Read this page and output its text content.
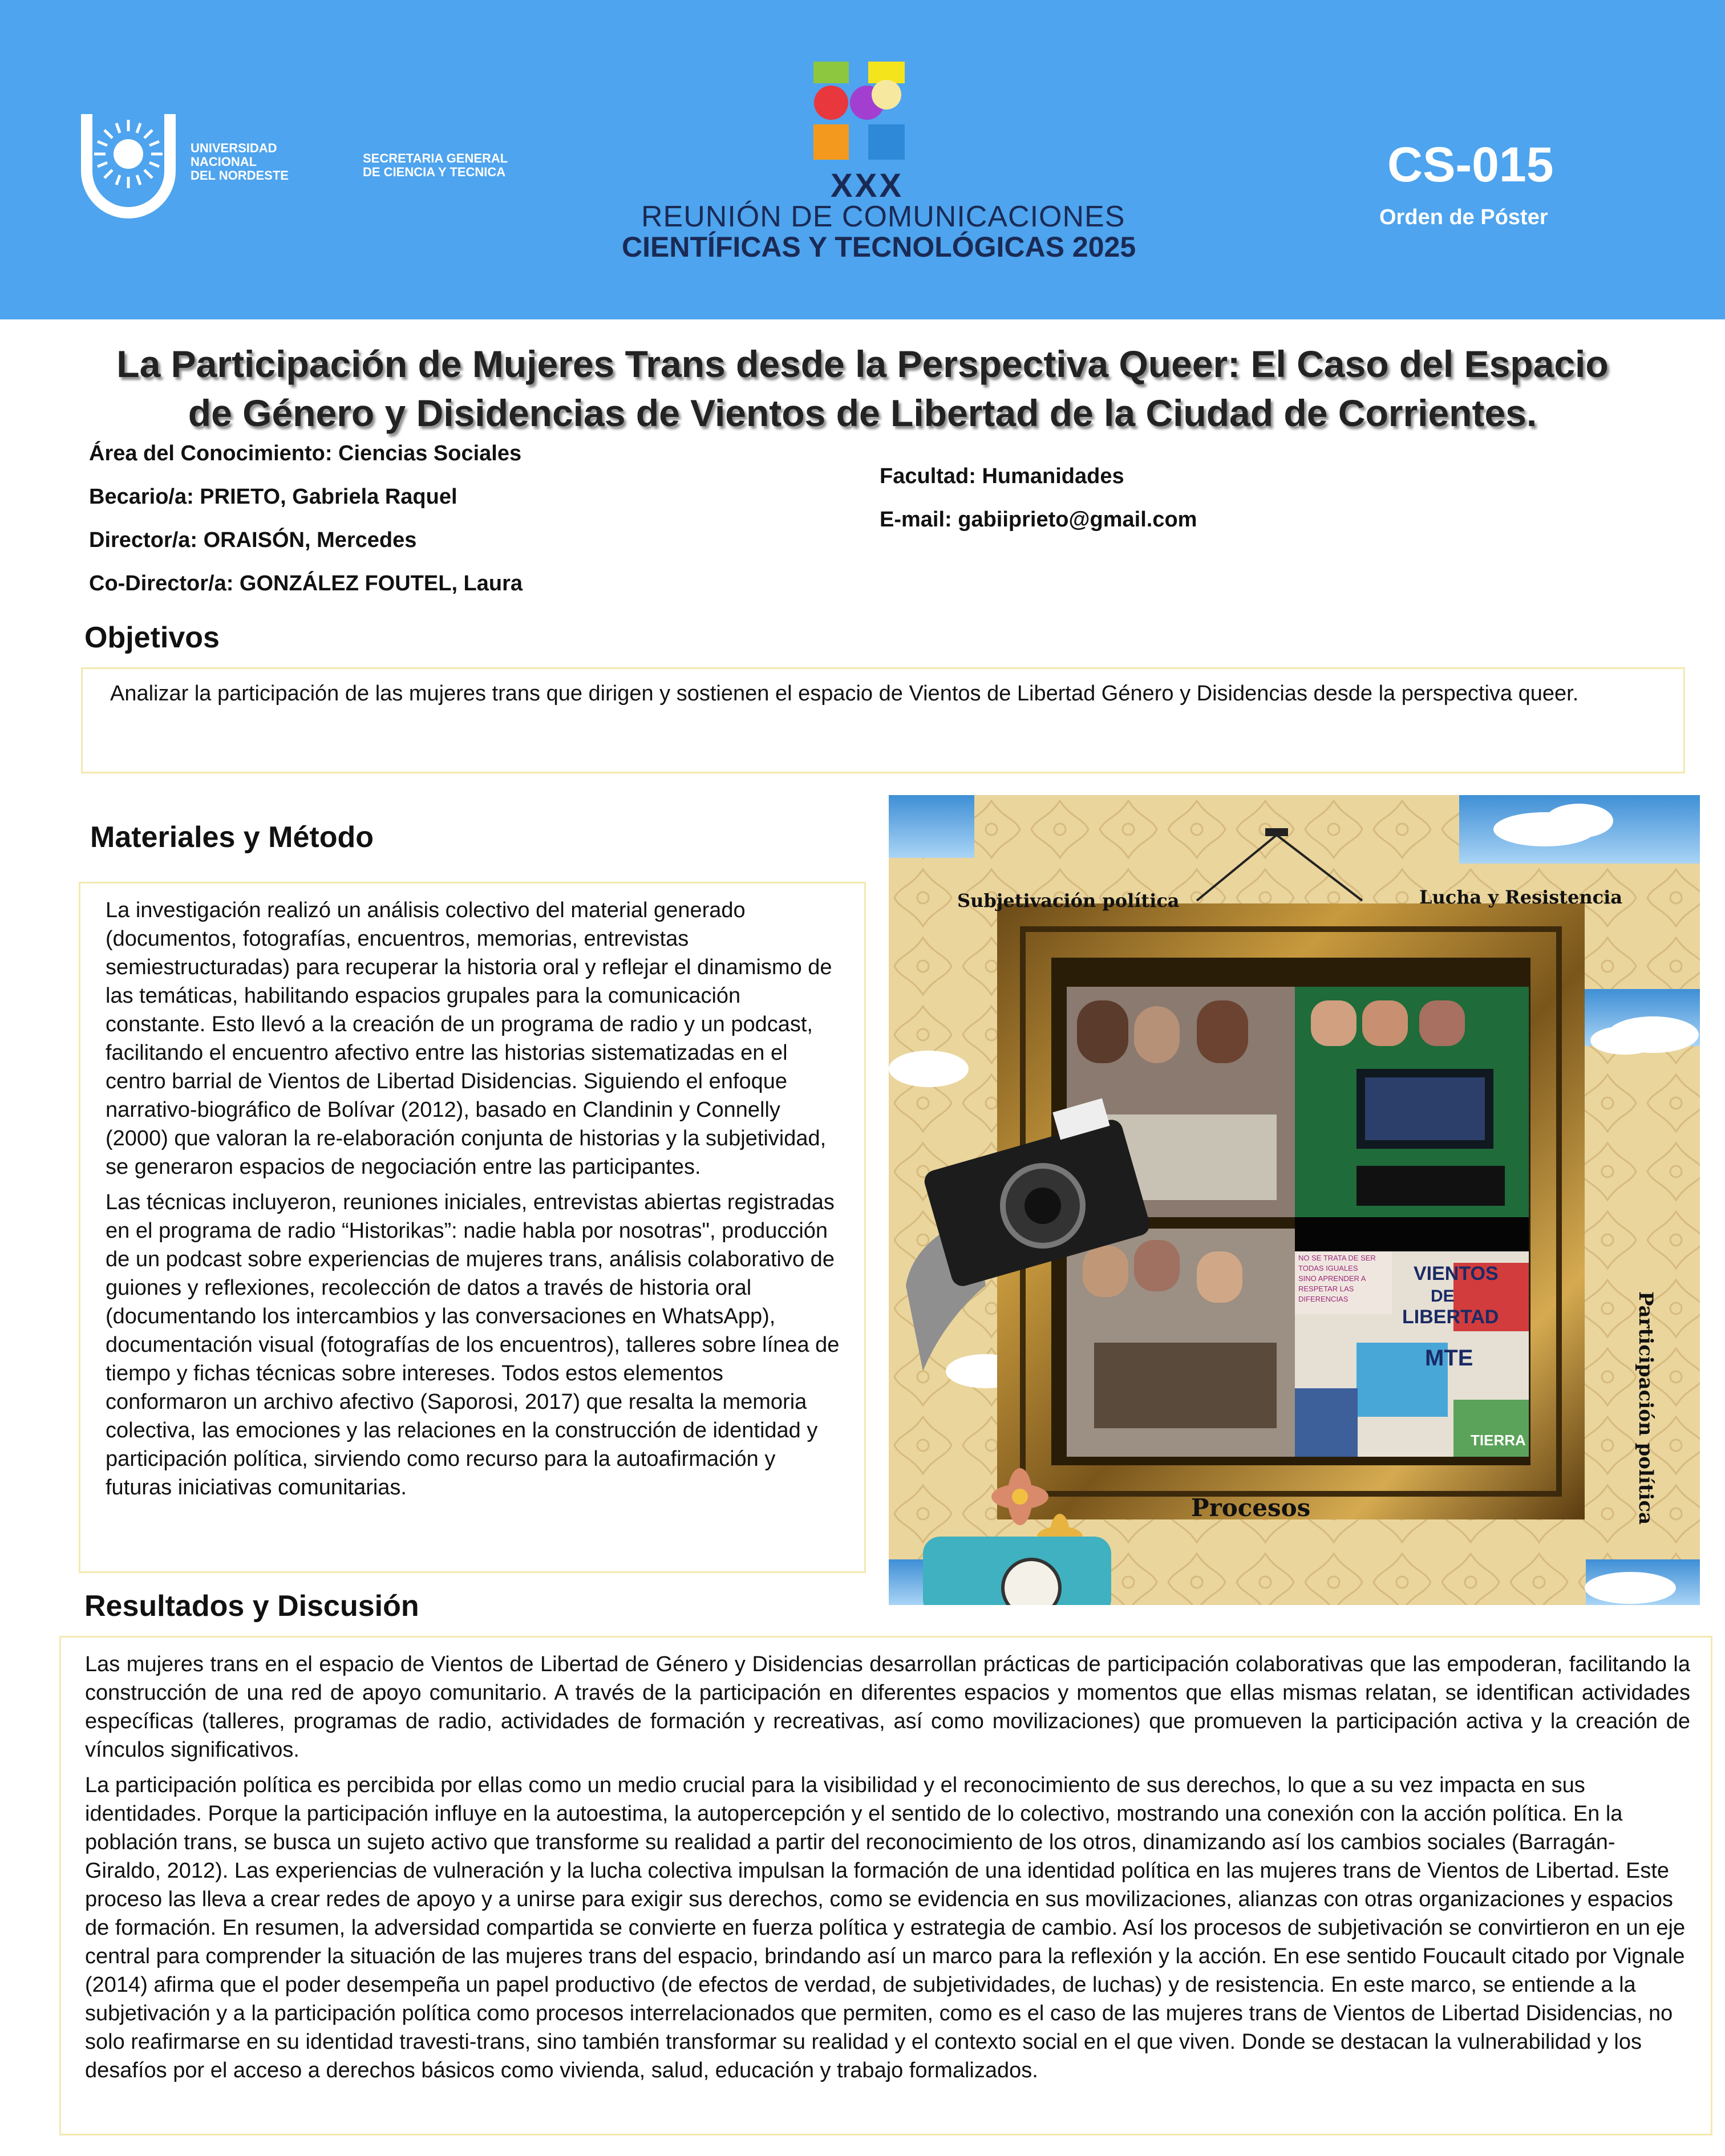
UNIVERSIDAD
NACIONAL
DEL NORDESTE
SECRETARIA GENERAL
DE CIENCIA Y TECNICA	XXX
REUNIÓN DE COMUNICACIONES
CIENTÍFICAS Y TECNOLÓGICAS 2025
CS-015
Orden de Póster
La Participación de Mujeres Trans desde la Perspectiva Queer: El Caso del Espacio
de Género y Disidencias de Vientos de Libertad de la Ciudad de Corrientes.
Área del Conocimiento: Ciencias Sociales
Becario/a: PRIETO, Gabriela Raquel
Director/a: ORAISÓN, Mercedes
Co-Director/a: GONZÁLEZ FOUTEL, Laura
Facultad: Humanidades
E-mail: gabiiprieto@gmail.com
Objetivos
Analizar la participación de las mujeres trans que dirigen y sostienen el espacio de Vientos de Libertad Género y Disidencias desde la perspectiva queer.
Materiales y Método

La investigación realizó un análisis colectivo del material generado (documentos, fotografías, encuentros, memorias, entrevistas semiestructuradas) para recuperar la historia oral y reflejar el dinamismo de las temáticas, habilitando espacios grupales para la comunicación constante. Esto llevó a la creación de un programa de radio y un podcast, facilitando el encuentro afectivo entre las historias sistematizadas en el centro barrial de Vientos de Libertad Disidencias. Siguiendo el enfoque narrativo-biográfico de Bolívar (2012), basado en Clandinin y Connelly (2000) que valoran la re-elaboración conjunta de historias y la subjetividad, se generaron espacios de negociación entre las participantes.

Las técnicas incluyeron, reuniones iniciales, entrevistas abiertas registradas en el programa de radio “Historikas”: nadie habla por nosotras", producción de un podcast sobre experiencias de mujeres trans, análisis colaborativo de guiones y reflexiones, recolección de datos a través de historia oral (documentando los intercambios y las conversaciones en WhatsApp), documentación visual (fotografías de los encuentros), talleres sobre línea de tiempo y fichas técnicas sobre intereses. Todos estos elementos conformaron un archivo afectivo (Saporosi, 2017) que resalta la memoria colectiva, las emociones y las relaciones en la construcción de identidad y participación política, sirviendo como recurso para la autoafirmación y futuras iniciativas comunitarias.

VIENTOS
DE
LIBERTAD
MTE
TIERRA
NO SE TRATA DE SER
TODAS IGUALES
SINO APRENDER A
RESPETAR LAS
DIFERENCIAS
Subjetivación política	Lucha y Resistencia
Procesos	Participación política
Resultados y Discusión

Las mujeres trans en el espacio de Vientos de Libertad de Género y Disidencias desarrollan prácticas de participación colaborativas que las empoderan, facilitando la construcción de una red de apoyo comunitario. A través de la participación en diferentes espacios y momentos que ellas mismas relatan, se identifican actividades específicas (talleres, programas de radio, actividades de formación y recreativas, así como movilizaciones) que promueven la participación activa y la creación de vínculos significativos.

La participación política es percibida por ellas como un medio crucial para la visibilidad y el reconocimiento de sus derechos, lo que a su vez impacta en sus identidades. Porque la participación influye en la autoestima, la autopercepción y el sentido de lo colectivo, mostrando una conexión con la acción política. En la población trans, se busca un sujeto activo que transforme su realidad a partir del reconocimiento de los otros, dinamizando así los cambios sociales (Barragán-Giraldo, 2012). Las experiencias de vulneración y la lucha colectiva impulsan la formación de una identidad política en las mujeres trans de Vientos de Libertad. Este proceso las lleva a crear redes de apoyo y a unirse para exigir sus derechos, como se evidencia en sus movilizaciones, alianzas con otras organizaciones y espacios de formación. En resumen, la adversidad compartida se convierte en fuerza política y estrategia de cambio. Así los procesos de subjetivación se convirtieron en un eje central para comprender la situación de las mujeres trans del espacio, brindando así un marco para la reflexión y la acción. En ese sentido Foucault citado por Vignale (2014) afirma que el poder desempeña un papel productivo (de efectos de verdad, de subjetividades, de luchas) y de resistencia. En este marco, se entiende a la subjetivación y a la participación política como procesos interrelacionados que permiten, como es el caso de las mujeres trans de Vientos de Libertad Disidencias, no solo reafirmarse en su identidad travesti-trans, sino también transformar su realidad y el contexto social en el que viven. Donde se destacan la vulnerabilidad y los desafíos por el acceso a derechos básicos como vivienda, salud, educación y trabajo formalizados.
